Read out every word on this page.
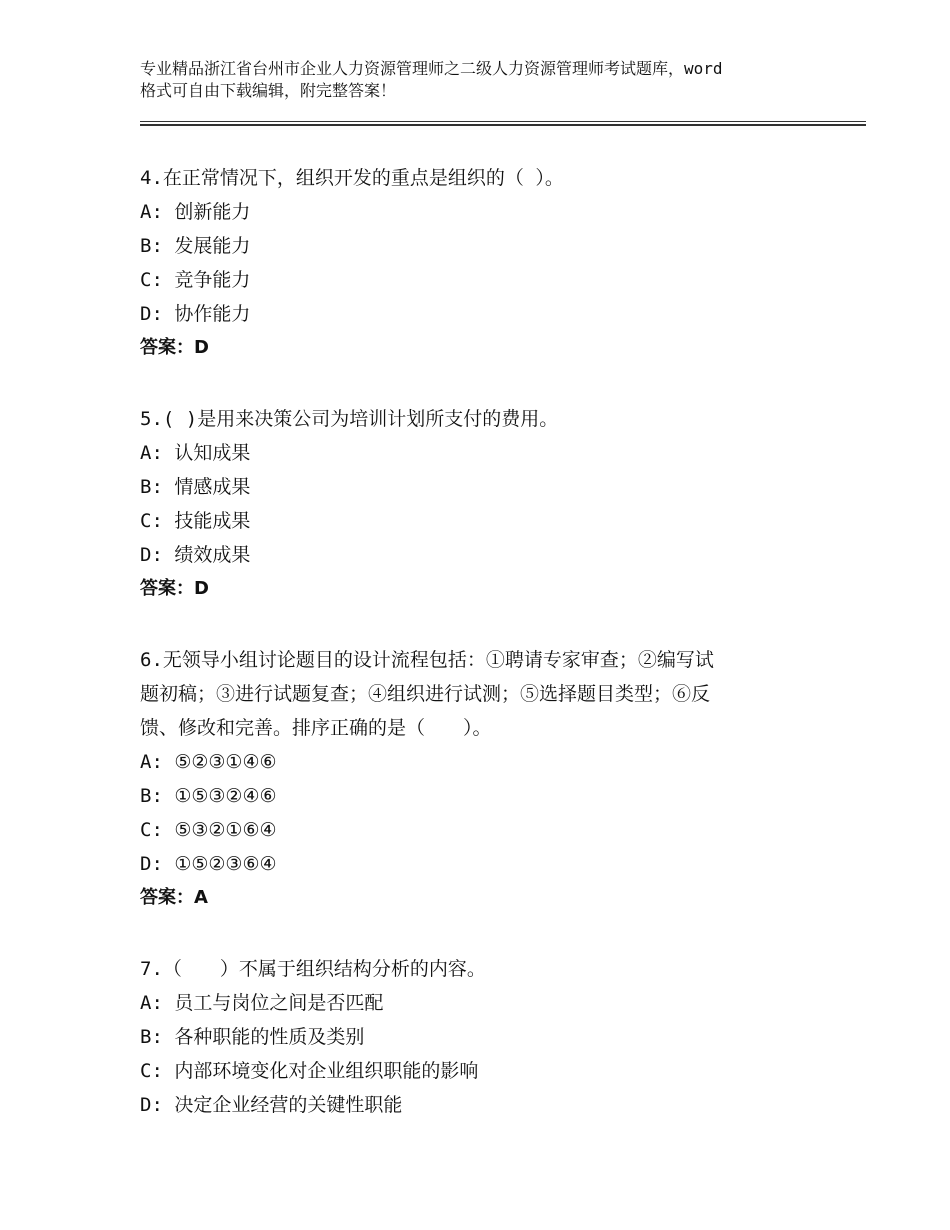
专业精品浙江省台州市企业人力资源管理师之二级人力资源管理师考试题库，word
格式可自由下载编辑，附完整答案！
4.在正常情况下，组织开发的重点是组织的（ ）。
A: 创新能力
B: 发展能力
C: 竞争能力
D: 协作能力
答案：D
5.( )是用来决策公司为培训计划所支付的费用。
A: 认知成果
B: 情感成果
C: 技能成果
D: 绩效成果
答案：D
6.无领导小组讨论题目的设计流程包括：①聘请专家审查；②编写试
题初稿；③进行试题复查；④组织进行试测；⑤选择题目类型；⑥反
馈、修改和完善。排序正确的是（　　）。
A: ⑤②③①④⑥
B: ①⑤③②④⑥
C: ⑤③②①⑥④
D: ①⑤②③⑥④
答案：A
7.（　　）不属于组织结构分析的内容。
A: 员工与岗位之间是否匹配
B: 各种职能的性质及类别
C: 内部环境变化对企业组织职能的影响
D: 决定企业经营的关键性职能
